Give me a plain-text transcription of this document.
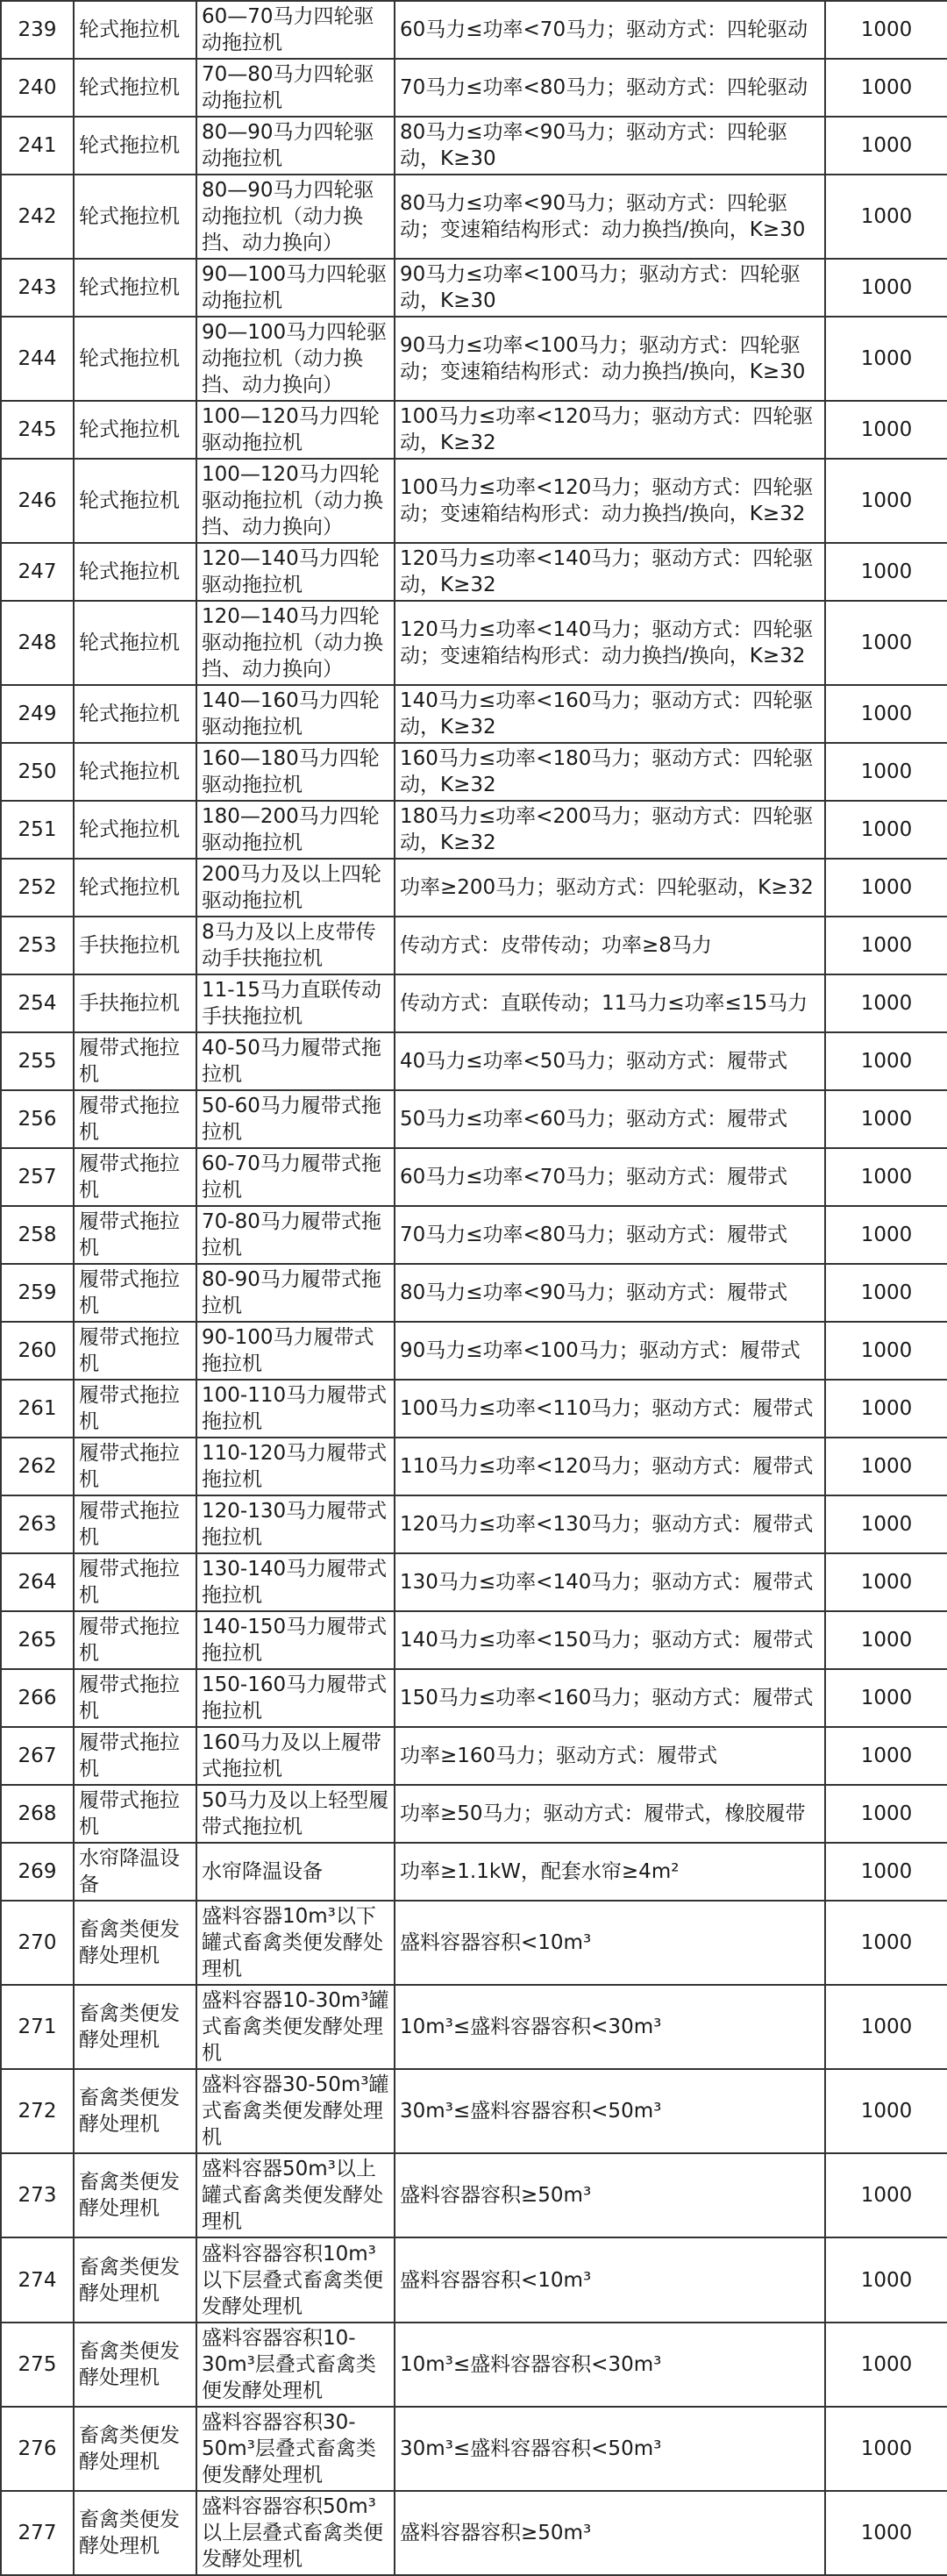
239	轮式拖拉机	60—70马力四轮驱动拖拉机	60马力≤功率<70马力；驱动方式：四轮驱动	1000
240	轮式拖拉机	70—80马力四轮驱动拖拉机	70马力≤功率<80马力；驱动方式：四轮驱动	1000
241	轮式拖拉机	80—90马力四轮驱动拖拉机	80马力≤功率<90马力；驱动方式：四轮驱动，K≥30	1000
242	轮式拖拉机	80—90马力四轮驱动拖拉机（动力换挡、动力换向）	80马力≤功率<90马力；驱动方式：四轮驱动；变速箱结构形式：动力换挡/换向，K≥30	1000
243	轮式拖拉机	90—100马力四轮驱动拖拉机	90马力≤功率<100马力；驱动方式：四轮驱动，K≥30	1000
244	轮式拖拉机	90—100马力四轮驱动拖拉机（动力换挡、动力换向）	90马力≤功率<100马力；驱动方式：四轮驱动；变速箱结构形式：动力换挡/换向，K≥30	1000
245	轮式拖拉机	100—120马力四轮驱动拖拉机	100马力≤功率<120马力；驱动方式：四轮驱动，K≥32	1000
246	轮式拖拉机	100—120马力四轮驱动拖拉机（动力换挡、动力换向）	100马力≤功率<120马力；驱动方式：四轮驱动；变速箱结构形式：动力换挡/换向，K≥32	1000
247	轮式拖拉机	120—140马力四轮驱动拖拉机	120马力≤功率<140马力；驱动方式：四轮驱动，K≥32	1000
248	轮式拖拉机	120—140马力四轮驱动拖拉机（动力换挡、动力换向）	120马力≤功率<140马力；驱动方式：四轮驱动；变速箱结构形式：动力换挡/换向，K≥32	1000
249	轮式拖拉机	140—160马力四轮驱动拖拉机	140马力≤功率<160马力；驱动方式：四轮驱动，K≥32	1000
250	轮式拖拉机	160—180马力四轮驱动拖拉机	160马力≤功率<180马力；驱动方式：四轮驱动，K≥32	1000
251	轮式拖拉机	180—200马力四轮驱动拖拉机	180马力≤功率<200马力；驱动方式：四轮驱动，K≥32	1000
252	轮式拖拉机	200马力及以上四轮驱动拖拉机	功率≥200马力；驱动方式：四轮驱动，K≥32	1000
253	手扶拖拉机	8马力及以上皮带传动手扶拖拉机	传动方式：皮带传动；功率≥8马力	1000
254	手扶拖拉机	11-15马力直联传动手扶拖拉机	传动方式：直联传动；11马力≤功率≤15马力	1000
255	履带式拖拉机	40-50马力履带式拖拉机	40马力≤功率<50马力；驱动方式：履带式	1000
256	履带式拖拉机	50-60马力履带式拖拉机	50马力≤功率<60马力；驱动方式：履带式	1000
257	履带式拖拉机	60-70马力履带式拖拉机	60马力≤功率<70马力；驱动方式：履带式	1000
258	履带式拖拉机	70-80马力履带式拖拉机	70马力≤功率<80马力；驱动方式：履带式	1000
259	履带式拖拉机	80-90马力履带式拖拉机	80马力≤功率<90马力；驱动方式：履带式	1000
260	履带式拖拉机	90-100马力履带式拖拉机	90马力≤功率<100马力；驱动方式：履带式	1000
261	履带式拖拉机	100-110马力履带式拖拉机	100马力≤功率<110马力；驱动方式：履带式	1000
262	履带式拖拉机	110-120马力履带式拖拉机	110马力≤功率<120马力；驱动方式：履带式	1000
263	履带式拖拉机	120-130马力履带式拖拉机	120马力≤功率<130马力；驱动方式：履带式	1000
264	履带式拖拉机	130-140马力履带式拖拉机	130马力≤功率<140马力；驱动方式：履带式	1000
265	履带式拖拉机	140-150马力履带式拖拉机	140马力≤功率<150马力；驱动方式：履带式	1000
266	履带式拖拉机	150-160马力履带式拖拉机	150马力≤功率<160马力；驱动方式：履带式	1000
267	履带式拖拉机	160马力及以上履带式拖拉机	功率≥160马力；驱动方式：履带式	1000
268	履带式拖拉机	50马力及以上轻型履带式拖拉机	功率≥50马力；驱动方式：履带式，橡胶履带	1000
269	水帘降温设备	水帘降温设备	功率≥1.1kW，配套水帘≥4m²	1000
270	畜禽类便发酵处理机	盛料容器10m³以下罐式畜禽类便发酵处理机	盛料容器容积<10m³	1000
271	畜禽类便发酵处理机	盛料容器10-30m³罐式畜禽类便发酵处理机	10m³≤盛料容器容积<30m³	1000
272	畜禽类便发酵处理机	盛料容器30-50m³罐式畜禽类便发酵处理机	30m³≤盛料容器容积<50m³	1000
273	畜禽类便发酵处理机	盛料容器50m³以上罐式畜禽类便发酵处理机	盛料容器容积≥50m³	1000
274	畜禽类便发酵处理机	盛料容器容积10m³以下层叠式畜禽类便发酵处理机	盛料容器容积<10m³	1000
275	畜禽类便发酵处理机	盛料容器容积10-30m³层叠式畜禽类便发酵处理机	10m³≤盛料容器容积<30m³	1000
276	畜禽类便发酵处理机	盛料容器容积30-50m³层叠式畜禽类便发酵处理机	30m³≤盛料容器容积<50m³	1000
277	畜禽类便发酵处理机	盛料容器容积50m³以上层叠式畜禽类便发酵处理机	盛料容器容积≥50m³	1000
